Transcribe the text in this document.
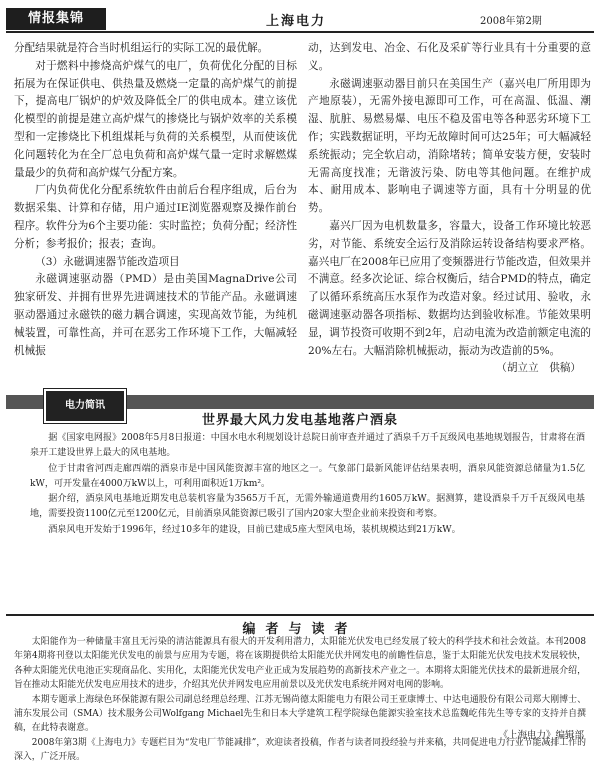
情报集锦	上海电力	2008年第2期

分配结果就是符合当时机组运行的实际工况的最优解。

对于燃料中掺烧高炉煤气的电厂，负荷优化分配的目标拓展为在保证供电、供热量及燃烧一定量的高炉煤气的前提下，提高电厂锅炉的炉效及降低全厂的供电成本。建立该优化模型的前提是建立高炉煤气的掺烧比与锅炉效率的关系模型和一定掺烧比下机组煤耗与负荷的关系模型，从而使该优化问题转化为在全厂总电负荷和高炉煤气量一定时求解燃煤量最少的负荷和高炉煤气分配方案。

厂内负荷优化分配系统软件由前后台程序组成，后台为数据采集、计算和存储，用户通过IE浏览器观察及操作前台程序。软件分为6个主要功能：实时监控；负荷分配；经济性分析；参考报价；报表；查询。

（3）永磁调速器节能改造项目

永磁调速驱动器（PMD）是由美国MagnaDrive公司独家研发、并拥有世界先进调速技术的节能产品。永磁调速驱动器通过永磁铁的磁力耦合调速，实现高效节能，为纯机械装置，可靠性高，并可在恶劣工作环境下工作，大幅减轻机械振

动，达到发电、冶金、石化及采矿等行业具有十分重要的意义。

永磁调速驱动器目前只在美国生产（嘉兴电厂所用即为产地原装），无需外接电源即可工作，可在高温、低温、潮湿、肮脏、易燃易爆、电压不稳及雷电等各种恶劣环境下工作；实践数据证明，平均无故障时间可达25年；可大幅减轻系统振动；完全软启动，消除堵转；简单安装方便，安装时无需高度找准；无谐波污染、防电等其他问题。在维护成本、耐用成本、影响电子调速等方面，具有十分明显的优势。

嘉兴厂因为电机数量多，容量大，设备工作环境比较恶劣，对节能、系统安全运行及消除运转设备结构要求严格。嘉兴电厂在2008年已应用了变频器进行节能改造，但效果并不满意。经多次论证、综合权衡后，结合PMD的特点，确定了以循环系统高压水泵作为改造对象。经过试用、验收，永磁调速驱动器各项指标、数据均达到验收标准。节能效果明显，调节投资可收期不到2年，启动电流为改造前额定电流的20%左右。大幅消除机械振动，振动为改造前的5%。

（胡立立　供稿）

电力简讯
世界最大风力发电基地落户酒泉

据《国家电网报》2008年5月8日报道：中国水电水利规划设计总院日前审查并通过了酒泉千万千瓦级风电基地规划报告，甘肃将在酒泉开工建设世界上最大的风电基地。

位于甘肃省河西走廊西端的酒泉市是中国风能资源丰富的地区之一。气象部门最新风能评估结果表明，酒泉风能资源总储量为1.5亿kW，可开发量在4000万kW以上，可利用面积近1万km²。

据介绍，酒泉风电基地近期发电总装机容量为3565万千瓦，无需外输通道费用约1605万kW。据测算，建设酒泉千万千瓦级风电基地，需要投资1100亿元至1200亿元，目前酒泉风能资源已吸引了国内20家大型企业前来投资和考察。

酒泉风电开发始于1996年，经过10多年的建设，目前已建成5座大型风电场，装机规模达到21万kW。

编者与读者

太阳能作为一种储量丰富且无污染的清洁能源具有很大的开发利用潜力，太阳能光伏发电已经发展了较大的科学技术和社会效益。本刊2008年第4期将刊登以太阳能光伏发电的前景与应用为专题，将在该期提供给太阳能光伏并网发电的前瞻性信息，鉴于太阳能光伏发电技术发展较快，各种太阳能光伏电池正实现商品化、实用化，太阳能光伏发电产业正成为发展趋势的高新技术产业之一。本期将太阳能光伏技术的最新进展介绍，旨在推动太阳能光伏发电应用技术的进步，介绍其光伏并网发电应用前景以及光伏发电系统并网对电网的影响。

本期专题承上海绿色环保能源有限公司副总经理总经理、江苏无锡尚德太阳能电力有限公司王亚康博士、中达电通股份有限公司郑大刚博士、浦东发展公司（SMA）技术服务公司Wolfgang Michael先生和日本大学建筑工程学院绿色能源实验室技术总监魏屹伟先生等专家的支持并自撰稿，在此特表谢意。

2008年第3期《上海电力》专题栏目为“发电厂节能减排”，欢迎读者投稿，作者与读者同投经验与并来稿，共同促进电力行业节能减排工作的深入，广泛开展。

《上海电力》编辑部
